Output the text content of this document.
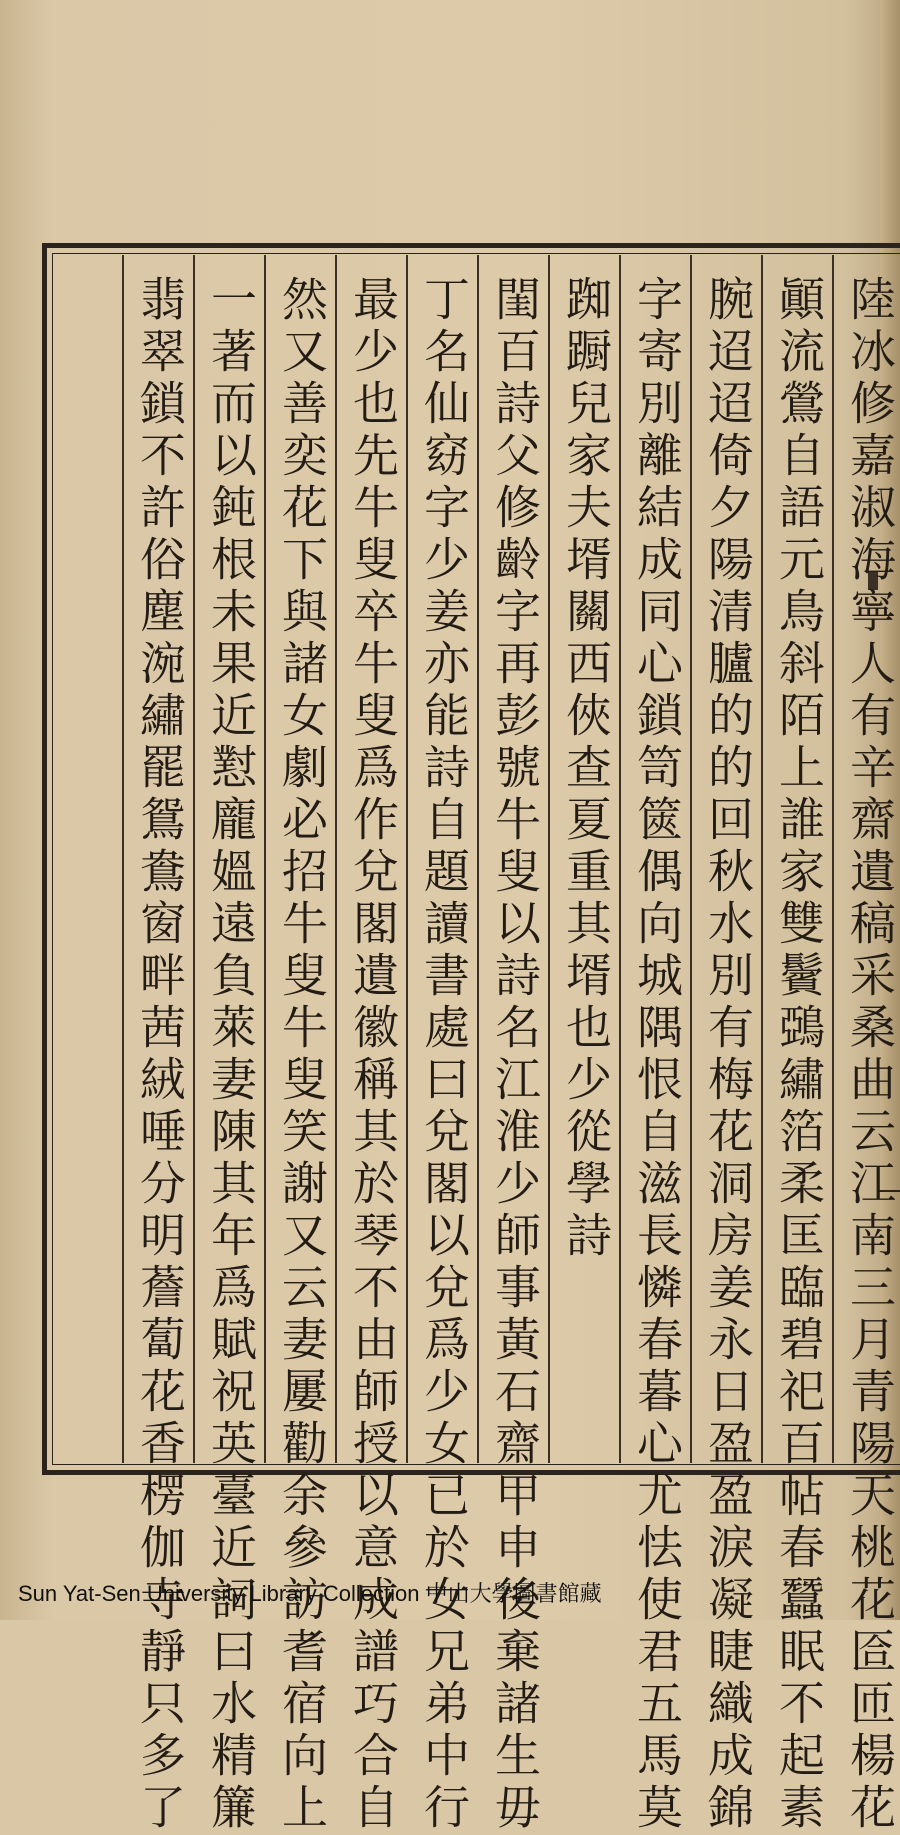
陸冰修嘉淑海寧人有辛齋遺稿采桑曲云江南三月青陽天桃花匼匝楊花
顚流鶯自語元鳥斜陌上誰家雙鬢鵶繡箔柔匡臨碧祀百帖春蠶眠不起素
腕迢迢倚夕陽清臚的的回秋水別有梅花洞房姜永日盈盈淚凝睫織成錦
字寄別離結成同心鎖笥篋偶向城隅恨自滋長憐春暮心尤怯使君五馬莫
踟蹰兒家夫壻關西俠查夏重其壻也少從學詩
閨百詩父修齡字再彭號牛叟以詩名江淮少師事黃石齋甲申後棄諸生毋
丁名仙窈字少姜亦能詩自題讀書處曰兌閣以兌爲少女已於女兄弟中行
最少也先牛叟卒牛叟爲作兌閣遺徽稱其於琴不由師授以意成譜巧合自
然又善奕花下與諸女劇必招牛叟牛叟笑謝又云妻屢勸余參訪耆宿向上
一著而以鈍根未果近懟龐媼遠負萊妻陳其年爲賦祝英臺近詞曰水精簾
翡翠鎖不許俗塵涴繡罷鴛鴦窗畔茜絨唾分明薝蔔花香楞伽寺靜只多了
Sun Yat-Sen University Library Collection 中山大學圖書館藏
